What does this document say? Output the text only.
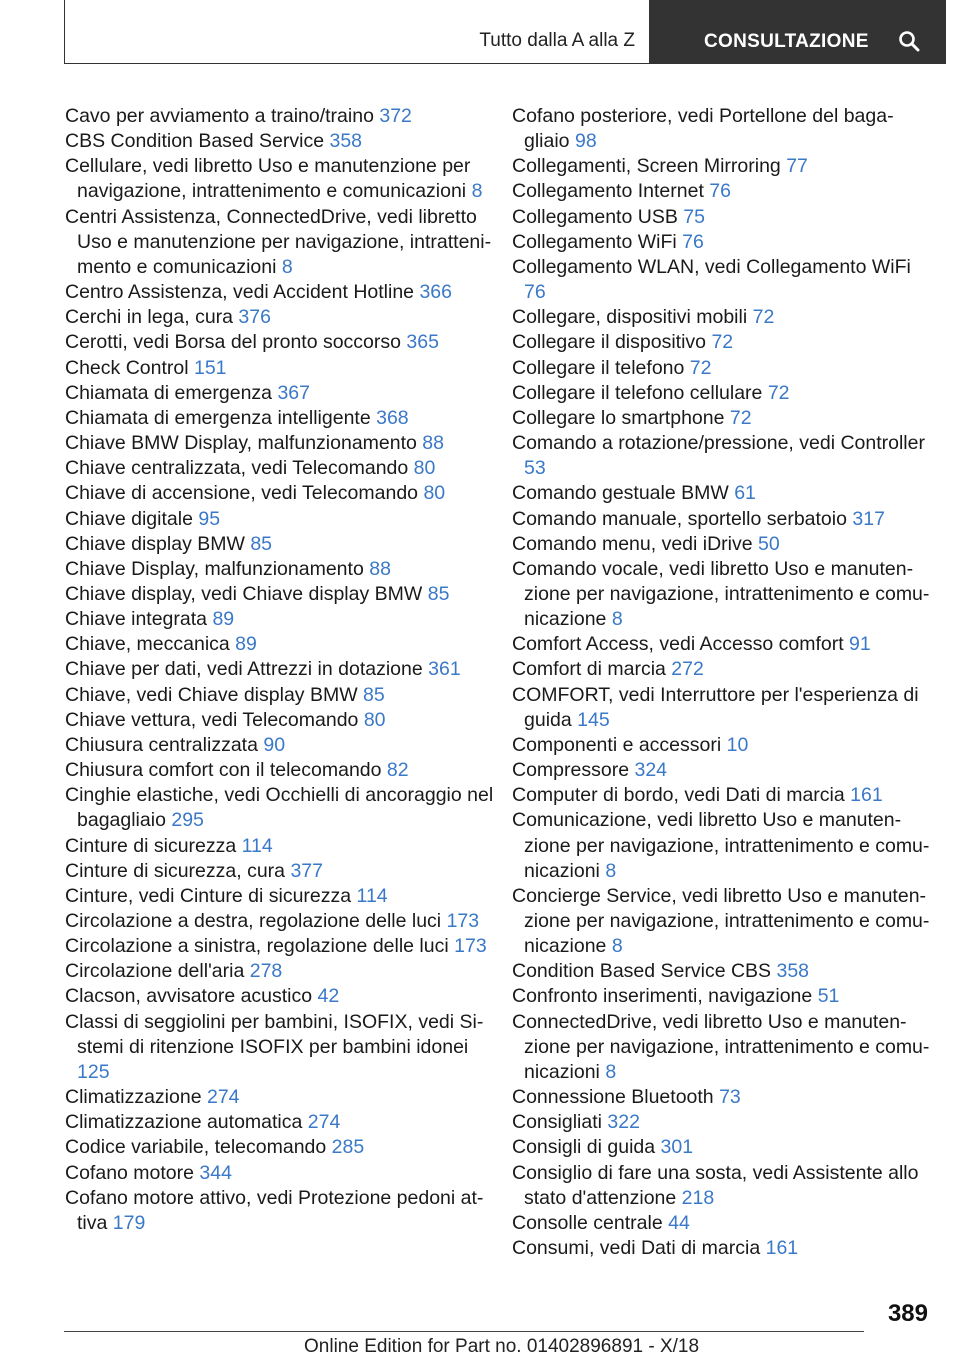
Tutto dalla A alla Z	CONSULTAZIONE
Cavo per avviamento a traino/traino 372
CBS Condition Based Service 358
Cellulare, vedi libretto Uso e manutenzione per navigazione, intrattenimento e comunicazioni 8
Centri Assistenza, ConnectedDrive, vedi libretto Uso e manutenzione per navigazione, intrattenimento e comunicazioni 8
Centro Assistenza, vedi Accident Hotline 366
Cerchi in lega, cura 376
Cerotti, vedi Borsa del pronto soccorso 365
Check Control 151
Chiamata di emergenza 367
Chiamata di emergenza intelligente 368
Chiave BMW Display, malfunzionamento 88
Chiave centralizzata, vedi Telecomando 80
Chiave di accensione, vedi Telecomando 80
Chiave digitale 95
Chiave display BMW 85
Chiave Display, malfunzionamento 88
Chiave display, vedi Chiave display BMW 85
Chiave integrata 89
Chiave, meccanica 89
Chiave per dati, vedi Attrezzi in dotazione 361
Chiave, vedi Chiave display BMW 85
Chiave vettura, vedi Telecomando 80
Chiusura centralizzata 90
Chiusura comfort con il telecomando 82
Cinghie elastiche, vedi Occhielli di ancoraggio nel bagagliaio 295
Cinture di sicurezza 114
Cinture di sicurezza, cura 377
Cinture, vedi Cinture di sicurezza 114
Circolazione a destra, regolazione delle luci 173
Circolazione a sinistra, regolazione delle luci 173
Circolazione dell'aria 278
Clacson, avvisatore acustico 42
Classi di seggiolini per bambini, ISOFIX, vedi Sistemi di ritenzione ISOFIX per bambini idonei 125
Climatizzazione 274
Climatizzazione automatica 274
Codice variabile, telecomando 285
Cofano motore 344
Cofano motore attivo, vedi Protezione pedoni attiva 179
Cofano posteriore, vedi Portellone del bagagliaio 98
Collegamenti, Screen Mirroring 77
Collegamento Internet 76
Collegamento USB 75
Collegamento WiFi 76
Collegamento WLAN, vedi Collegamento WiFi 76
Collegare, dispositivi mobili 72
Collegare il dispositivo 72
Collegare il telefono 72
Collegare il telefono cellulare 72
Collegare lo smartphone 72
Comando a rotazione/pressione, vedi Controller 53
Comando gestuale BMW 61
Comando manuale, sportello serbatoio 317
Comando menu, vedi iDrive 50
Comando vocale, vedi libretto Uso e manutenzione per navigazione, intrattenimento e comunicazione 8
Comfort Access, vedi Accesso comfort 91
Comfort di marcia 272
COMFORT, vedi Interruttore per l'esperienza di guida 145
Componenti e accessori 10
Compressore 324
Computer di bordo, vedi Dati di marcia 161
Comunicazione, vedi libretto Uso e manutenzione per navigazione, intrattenimento e comunicazioni 8
Concierge Service, vedi libretto Uso e manutenzione per navigazione, intrattenimento e comunicazione 8
Condition Based Service CBS 358
Confronto inserimenti, navigazione 51
ConnectedDrive, vedi libretto Uso e manutenzione per navigazione, intrattenimento e comunicazioni 8
Connessione Bluetooth 73
Consigliati 322
Consigli di guida 301
Consiglio di fare una sosta, vedi Assistente allo stato d'attenzione 218
Consolle centrale 44
Consumi, vedi Dati di marcia 161
389
Online Edition for Part no. 01402896891 - X/18
